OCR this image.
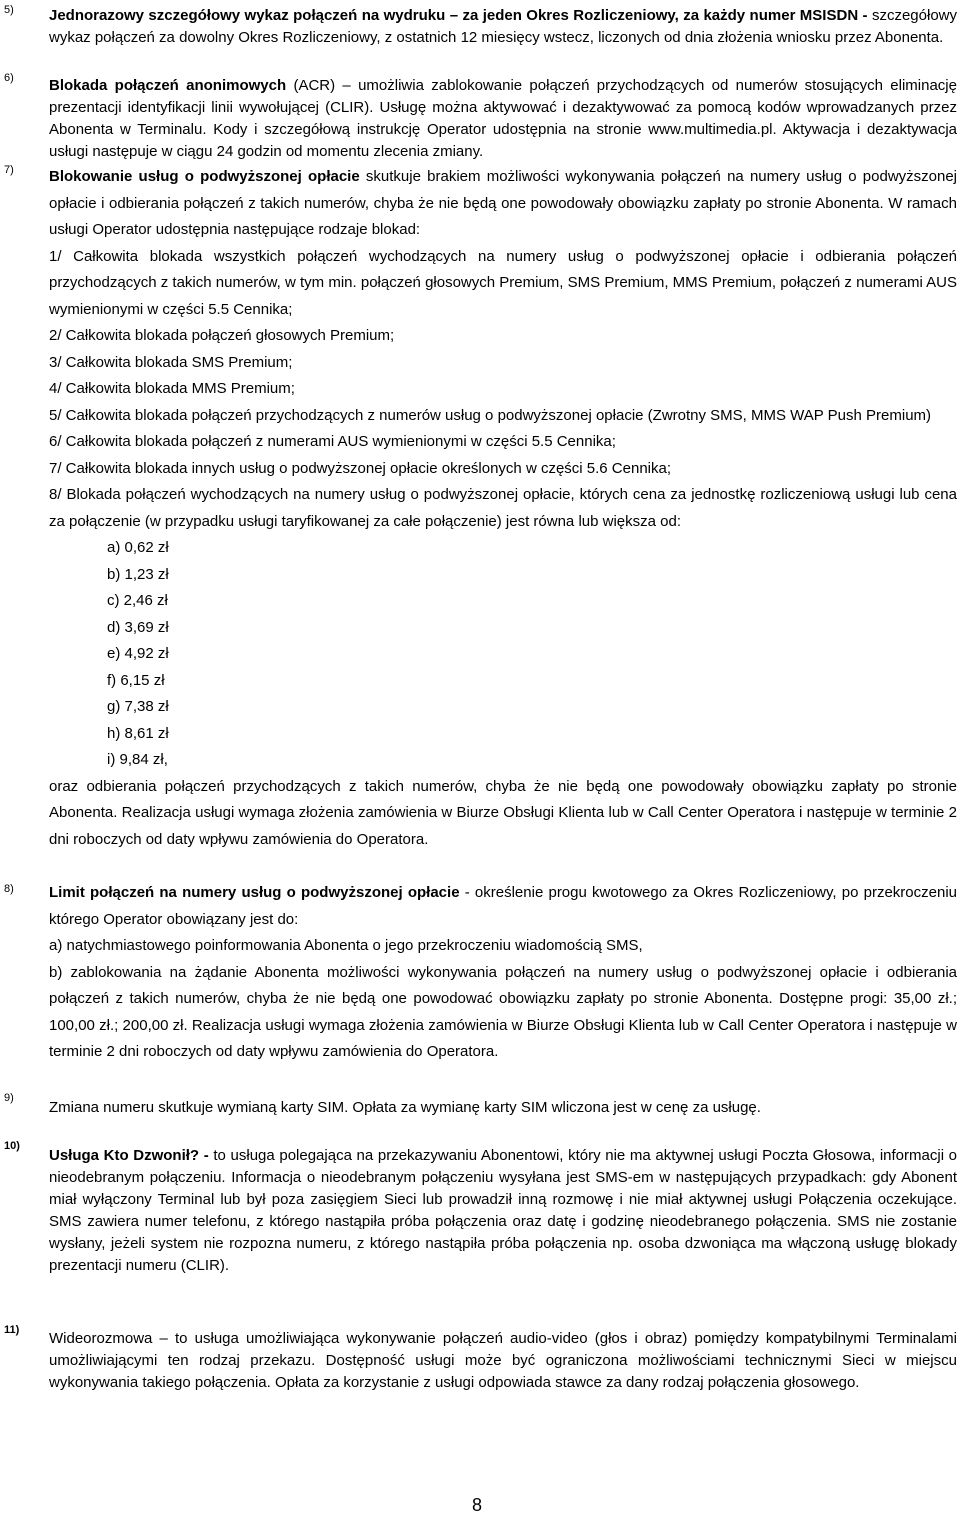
5)
6)
7)
8)
9)
10)
11)
Jednorazowy szczegółowy wykaz połączeń na wydruku – za jeden Okres Rozliczeniowy, za każdy numer MSISDN - szczegółowy wykaz połączeń za dowolny Okres Rozliczeniowy, z ostatnich 12 miesięcy wstecz, liczonych od dnia złożenia wniosku przez Abonenta.
Blokada połączeń anonimowych (ACR) – umożliwia zablokowanie połączeń przychodzących od numerów stosujących eliminację prezentacji identyfikacji linii wywołującej (CLIR). Usługę można aktywować i dezaktywować za pomocą kodów wprowadzanych przez Abonenta w Terminalu. Kody i szczegółową instrukcję Operator udostępnia na stronie www.multimedia.pl. Aktywacja i dezaktywacja usługi następuje w ciągu 24 godzin od momentu zlecenia zmiany.

Blokowanie usług o podwyższonej opłacie skutkuje brakiem możliwości wykonywania połączeń na numery usług o podwyższonej opłacie i odbierania połączeń z takich numerów, chyba że nie będą one powodowały obowiązku zapłaty po stronie Abonenta. W ramach usługi Operator udostępnia następujące rodzaje blokad:

1/ Całkowita blokada wszystkich połączeń wychodzących na numery usług o podwyższonej opłacie i odbierania połączeń przychodzących z takich numerów, w tym min. połączeń głosowych Premium, SMS Premium, MMS Premium, połączeń z numerami AUS wymienionymi w części 5.5 Cennika;

2/ Całkowita blokada połączeń głosowych Premium;

3/ Całkowita blokada SMS Premium;

4/ Całkowita blokada MMS Premium;

5/ Całkowita blokada połączeń przychodzących z numerów usług o podwyższonej opłacie (Zwrotny SMS, MMS WAP Push Premium)

6/ Całkowita blokada połączeń z numerami AUS wymienionymi w części 5.5 Cennika;

7/ Całkowita blokada innych usług o podwyższonej opłacie określonych w części 5.6 Cennika;

8/ Blokada połączeń wychodzących na numery usług o podwyższonej opłacie, których cena za jednostkę rozliczeniową usługi lub cena za połączenie (w przypadku usługi taryfikowanej za całe połączenie) jest równa lub większa od:

a) 0,62 zł

b) 1,23 zł

c) 2,46 zł

d) 3,69 zł

e) 4,92 zł

f) 6,15 zł

g) 7,38 zł

h) 8,61 zł

i) 9,84 zł,

oraz odbierania połączeń przychodzących z takich numerów, chyba że nie będą one powodowały obowiązku zapłaty po stronie Abonenta. Realizacja usługi wymaga złożenia zamówienia w Biurze Obsługi Klienta lub w Call Center Operatora i następuje w terminie 2 dni roboczych od daty wpływu zamówienia do Operatora.

Limit połączeń na numery usług o podwyższonej opłacie - określenie progu kwotowego za Okres Rozliczeniowy, po przekroczeniu którego Operator obowiązany jest do:

a) natychmiastowego poinformowania Abonenta o jego przekroczeniu wiadomością SMS,

b) zablokowania na żądanie Abonenta możliwości wykonywania połączeń na numery usług o podwyższonej opłacie i odbierania połączeń z takich numerów, chyba że nie będą one powodować obowiązku zapłaty po stronie Abonenta. Dostępne progi: 35,00 zł.; 100,00 zł.; 200,00 zł. Realizacja usługi wymaga złożenia zamówienia w Biurze Obsługi Klienta lub w Call Center Operatora i następuje w terminie 2 dni roboczych od daty wpływu zamówienia do Operatora.

Zmiana numeru skutkuje wymianą karty SIM. Opłata za wymianę karty SIM wliczona jest w cenę za usługę.
Usługa Kto Dzwonił? - to usługa polegająca na przekazywaniu Abonentowi, który nie ma aktywnej usługi Poczta Głosowa, informacji o nieodebranym połączeniu. Informacja o nieodebranym połączeniu wysyłana jest SMS-em w następujących przypadkach: gdy Abonent miał wyłączony Terminal lub był poza zasięgiem Sieci lub prowadził inną rozmowę i nie miał aktywnej usługi Połączenia oczekujące. SMS zawiera numer telefonu, z którego nastąpiła próba połączenia oraz datę i godzinę nieodebranego połączenia. SMS nie zostanie wysłany, jeżeli system nie rozpozna numeru, z którego nastąpiła próba połączenia np. osoba dzwoniąca ma włączoną usługę blokady prezentacji numeru (CLIR).
Wideorozmowa – to usługa umożliwiająca wykonywanie połączeń audio-video (głos i obraz) pomiędzy kompatybilnymi Terminalami umożliwiającymi ten rodzaj przekazu. Dostępność usługi może być ograniczona możliwościami technicznymi Sieci w miejscu wykonywania takiego połączenia. Opłata za korzystanie z usługi odpowiada stawce za dany rodzaj połączenia głosowego.
8
